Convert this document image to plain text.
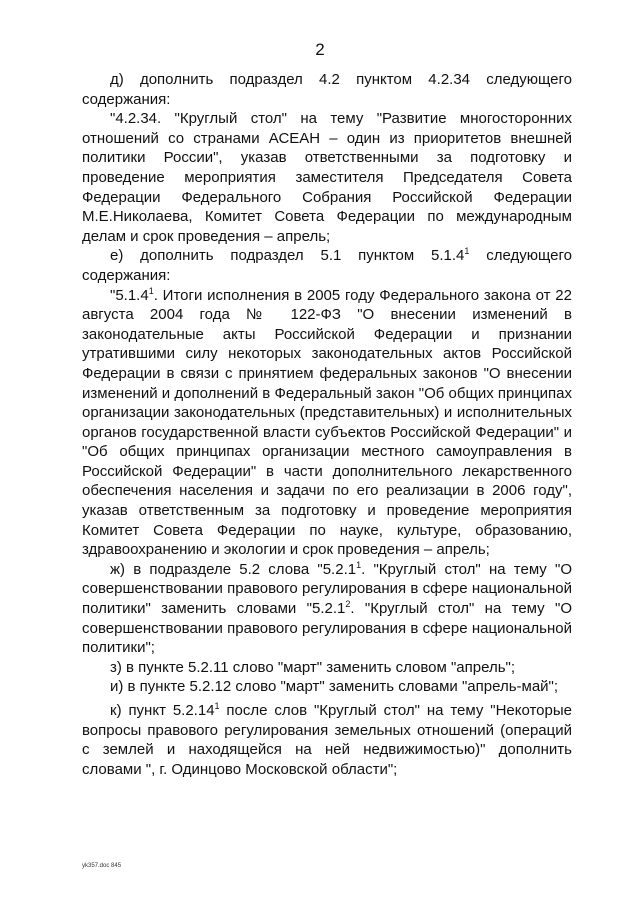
2

д) дополнить подраздел 4.2 пунктом 4.2.34 следующего содержания:

"4.2.34. "Круглый стол" на тему "Развитие многосторонних отношений со странами АСЕАН – один из приоритетов внешней политики России", указав ответственными за подготовку и проведение мероприятия заместителя Председателя Совета Федерации Федерального Собрания Российской Федерации М.Е.Николаева, Комитет Совета Федерации по международным делам и срок проведения – апрель;

е) дополнить подраздел 5.1 пунктом 5.1.4$^1$ следующего содержания:

"5.1.4$^1$. Итоги исполнения в 2005 году Федерального закона от 22 августа 2004 года № 122-ФЗ "О внесении изменений в законодательные акты Российской Федерации и признании утратившими силу некоторых законодательных актов Российской Федерации в связи с принятием федеральных законов "О внесении изменений и дополнений в Федеральный закон "Об общих принципах организации законодательных (представительных) и исполнительных органов государственной власти субъектов Российской Федерации" и "Об общих принципах организации местного самоуправления в Российской Федерации" в части дополнительного лекарственного обеспечения населения и задачи по его реализации в 2006 году", указав ответственным за подготовку и проведение мероприятия Комитет Совета Федерации по науке, культуре, образованию, здравоохранению и экологии и срок проведения – апрель;

ж) в подразделе 5.2 слова "5.2.1$^1$. "Круглый стол" на тему "О совершенствовании правового регулирования в сфере национальной политики" заменить словами "5.2.1$^2$. "Круглый стол" на тему "О совершенствовании правового регулирования в сфере национальной политики";

з) в пункте 5.2.11 слово "март" заменить словом "апрель";

и) в пункте 5.2.12 слово "март" заменить словами "апрель-май";

к) пункт 5.2.14$^1$ после слов "Круглый стол" на тему "Некоторые вопросы правового регулирования земельных отношений (операций с землей и находящейся на ней недвижимостью)" дополнить словами ", г. Одинцово Московской области";

yk357.doc 845
